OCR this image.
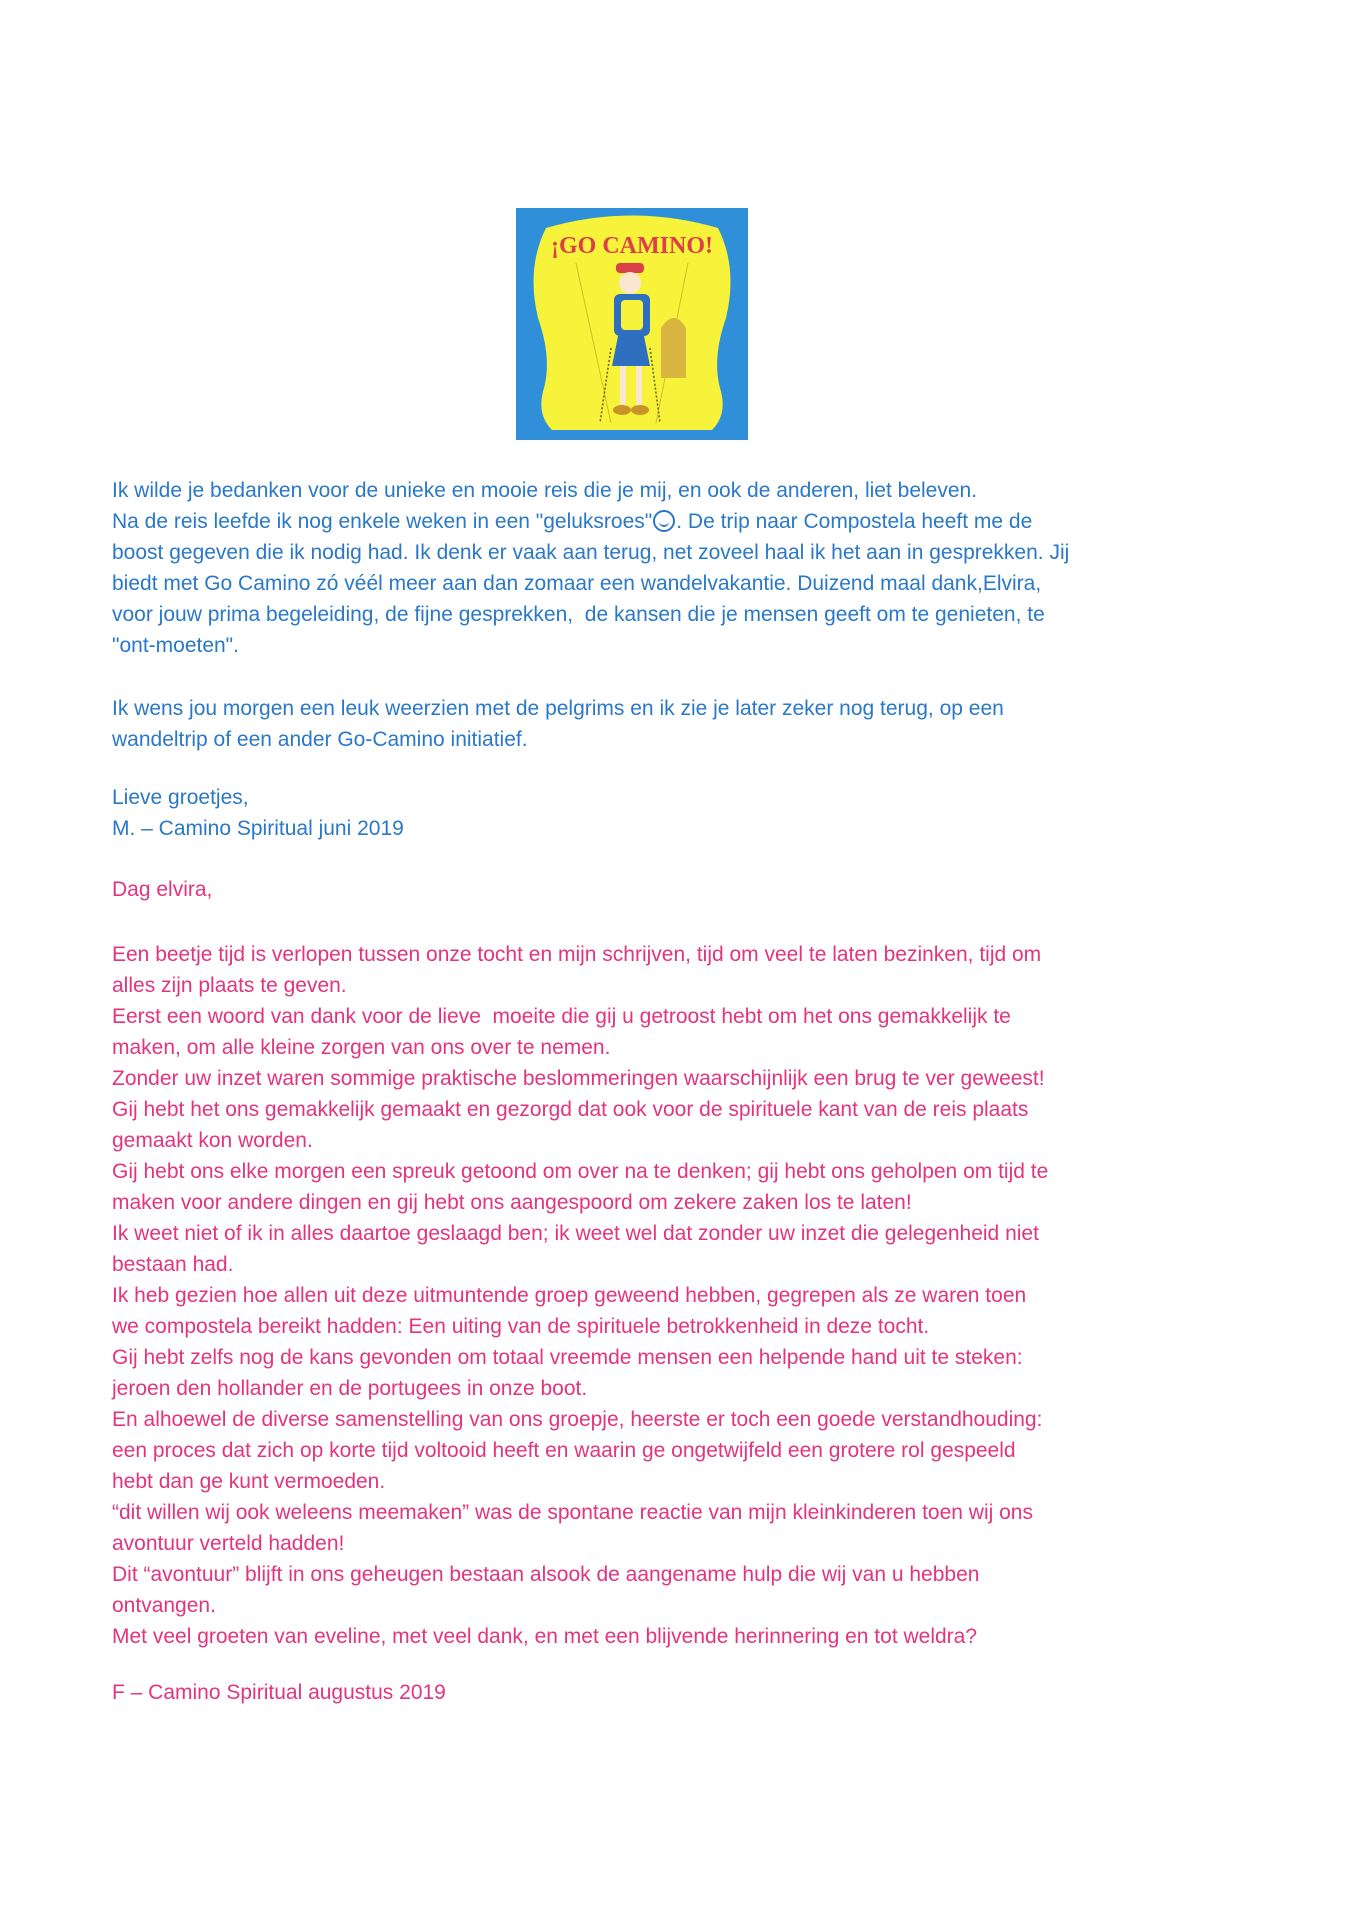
¡GO CAMINO!
Ik wilde je bedanken voor de unieke en mooie reis die je mij, en ook de anderen, liet beleven.
Na de reis leefde ik nog enkele weken in een "geluksroes" . De trip naar Compostela heeft me de
boost gegeven die ik nodig had. Ik denk er vaak aan terug, net zoveel haal ik het aan in gesprekken. Jij
biedt met Go Camino zó véél meer aan dan zomaar een wandelvakantie. Duizend maal dank,Elvira,
voor jouw prima begeleiding, de fijne gesprekken,  de kansen die je mensen geeft om te genieten, te
"ont-moeten".
Ik wens jou morgen een leuk weerzien met de pelgrims en ik zie je later zeker nog terug, op een
wandeltrip of een ander Go-Camino initiatief.
Lieve groetjes,
M. – Camino Spiritual juni 2019
Dag elvira,
Een beetje tijd is verlopen tussen onze tocht en mijn schrijven, tijd om veel te laten bezinken, tijd om
alles zijn plaats te geven.
Eerst een woord van dank voor de lieve  moeite die gij u getroost hebt om het ons gemakkelijk te
maken, om alle kleine zorgen van ons over te nemen.
Zonder uw inzet waren sommige praktische beslommeringen waarschijnlijk een brug te ver geweest!
Gij hebt het ons gemakkelijk gemaakt en gezorgd dat ook voor de spirituele kant van de reis plaats
gemaakt kon worden.
Gij hebt ons elke morgen een spreuk getoond om over na te denken; gij hebt ons geholpen om tijd te
maken voor andere dingen en gij hebt ons aangespoord om zekere zaken los te laten!
Ik weet niet of ik in alles daartoe geslaagd ben; ik weet wel dat zonder uw inzet die gelegenheid niet
bestaan had.
Ik heb gezien hoe allen uit deze uitmuntende groep geweend hebben, gegrepen als ze waren toen
we compostela bereikt hadden: Een uiting van de spirituele betrokkenheid in deze tocht.
Gij hebt zelfs nog de kans gevonden om totaal vreemde mensen een helpende hand uit te steken:
jeroen den hollander en de portugees in onze boot.
En alhoewel de diverse samenstelling van ons groepje, heerste er toch een goede verstandhouding:
een proces dat zich op korte tijd voltooid heeft en waarin ge ongetwijfeld een grotere rol gespeeld
hebt dan ge kunt vermoeden.
“dit willen wij ook weleens meemaken” was de spontane reactie van mijn kleinkinderen toen wij ons
avontuur verteld hadden!
Dit “avontuur” blijft in ons geheugen bestaan alsook de aangename hulp die wij van u hebben
ontvangen.
Met veel groeten van eveline, met veel dank, en met een blijvende herinnering en tot weldra?
F – Camino Spiritual augustus 2019
